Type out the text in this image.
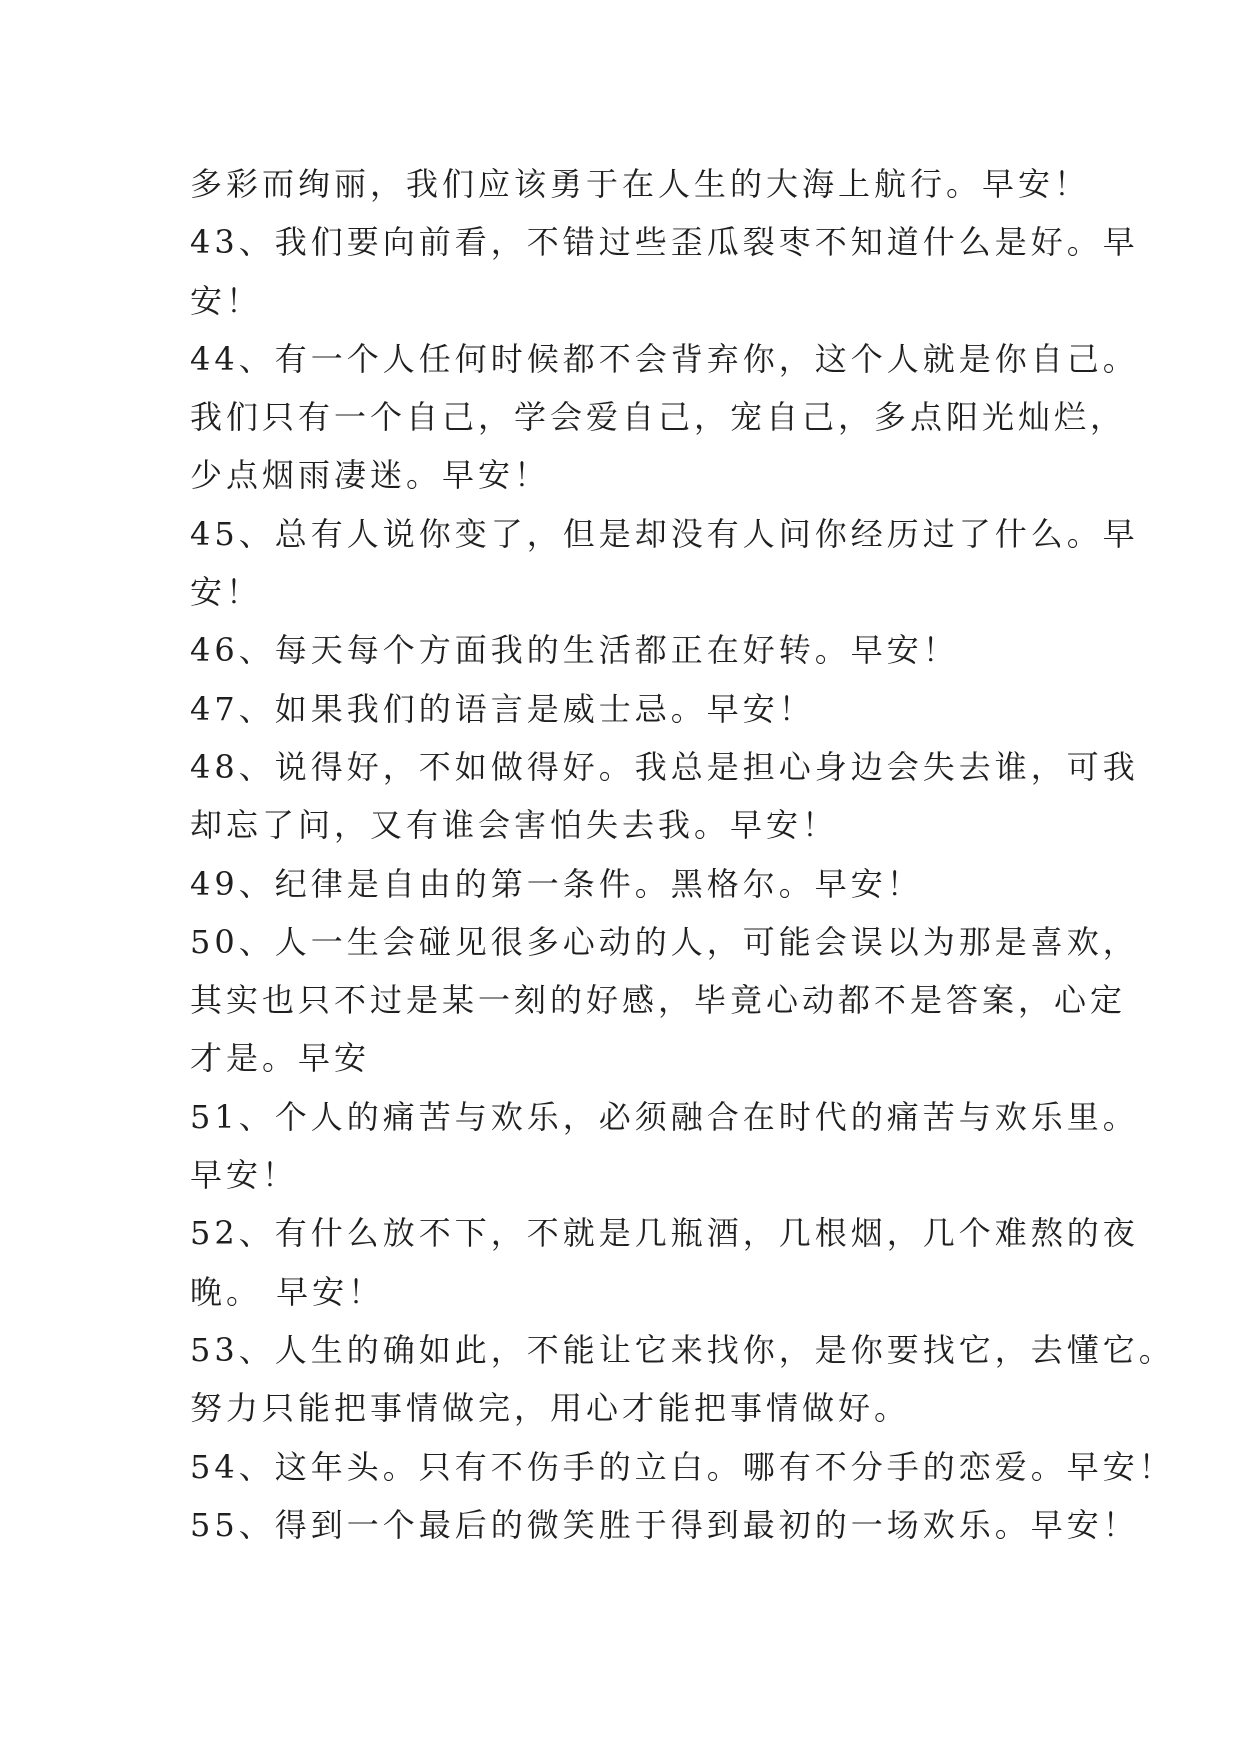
多彩而绚丽，我们应该勇于在人生的大海上航行。早安！
43、我们要向前看，不错过些歪瓜裂枣不知道什么是好。早
安！
44、有一个人任何时候都不会背弃你，这个人就是你自己。
我们只有一个自己，学会爱自己，宠自己，多点阳光灿烂，
少点烟雨凄迷。早安！
45、总有人说你变了，但是却没有人问你经历过了什么。早
安！
46、每天每个方面我的生活都正在好转。早安！
47、如果我们的语言是威士忌。早安！
48、说得好，不如做得好。我总是担心身边会失去谁，可我
却忘了问，又有谁会害怕失去我。早安！
49、纪律是自由的第一条件。黑格尔。早安！
50、人一生会碰见很多心动的人，可能会误以为那是喜欢，
其实也只不过是某一刻的好感，毕竟心动都不是答案，心定
才是。早安
51、个人的痛苦与欢乐，必须融合在时代的痛苦与欢乐里。
早安！
52、有什么放不下，不就是几瓶酒，几根烟，几个难熬的夜
晚。 早安！
53、人生的确如此，不能让它来找你，是你要找它，去懂它。
努力只能把事情做完，用心才能把事情做好。
54、这年头。只有不伤手的立白。哪有不分手的恋爱。早安！
55、得到一个最后的微笑胜于得到最初的一场欢乐。早安！
